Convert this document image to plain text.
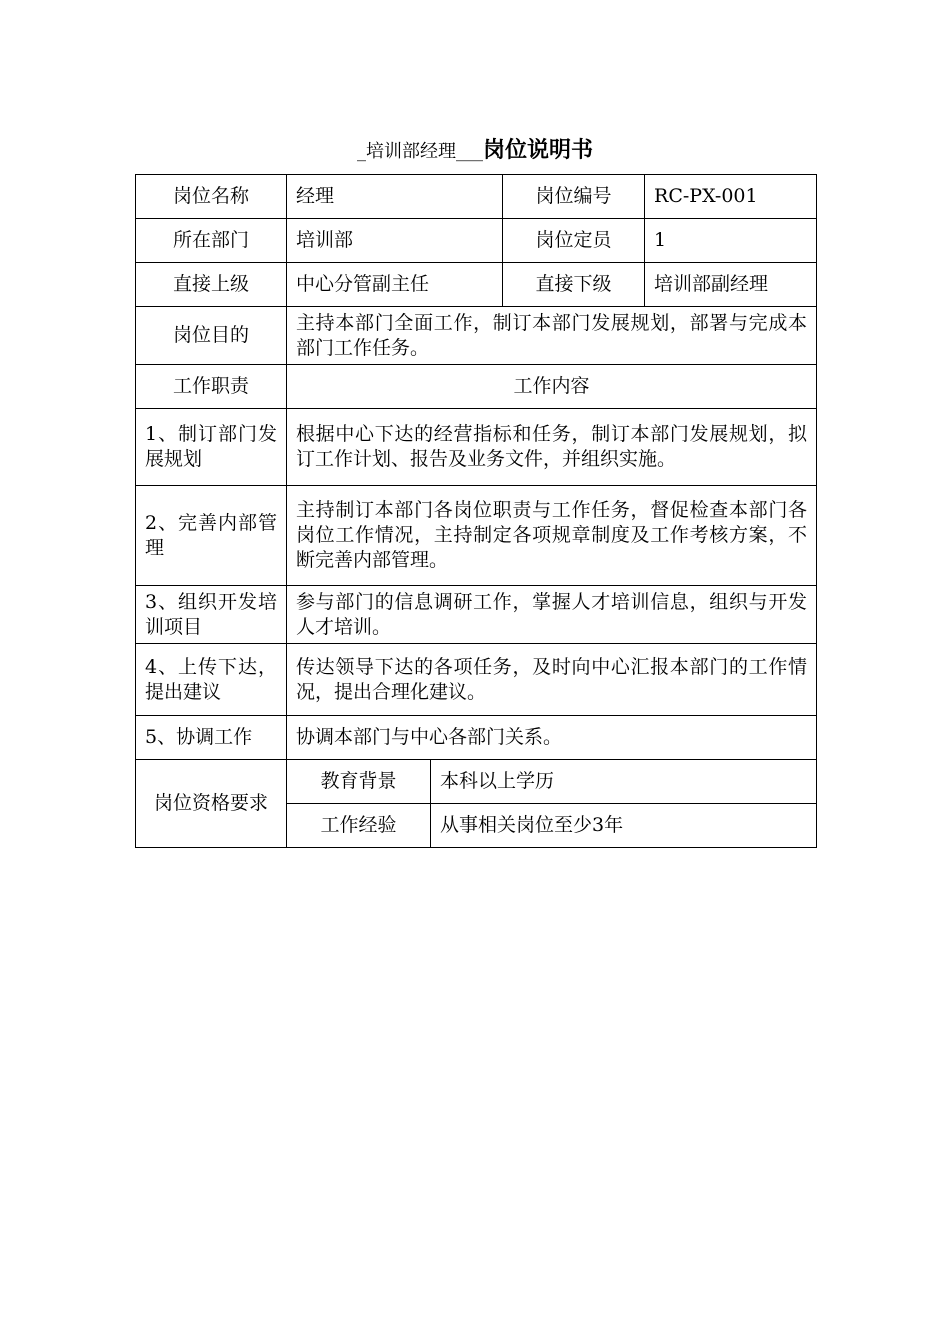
_培训部经理___岗位说明书
岗位名称	经理		岗位编号	RC-PX-001
所在部门	培训部		岗位定员	1
直接上级	中心分管副主任		直接下级	培训部副经理
岗位目的	主持本部门全面工作，制订本部门发展规划，部署与完成本部门工作任务。			
工作职责	工作内容			
1、制订部门发展规划	根据中心下达的经营指标和任务，制订本部门发展规划，拟订工作计划、报告及业务文件，并组织实施。			
2、完善内部管理	主持制订本部门各岗位职责与工作任务，督促检查本部门各岗位工作情况，主持制定各项规章制度及工作考核方案，不断完善内部管理。			
3、组织开发培训项目	参与部门的信息调研工作，掌握人才培训信息，组织与开发人才培训。			
4、上传下达，提出建议	传达领导下达的各项任务，及时向中心汇报本部门的工作情况，提出合理化建议。			
5、协调工作	协调本部门与中心各部门关系。			
岗位资格要求	教育背景	本科以上学历		
	工作经验	从事相关岗位至少3年		
